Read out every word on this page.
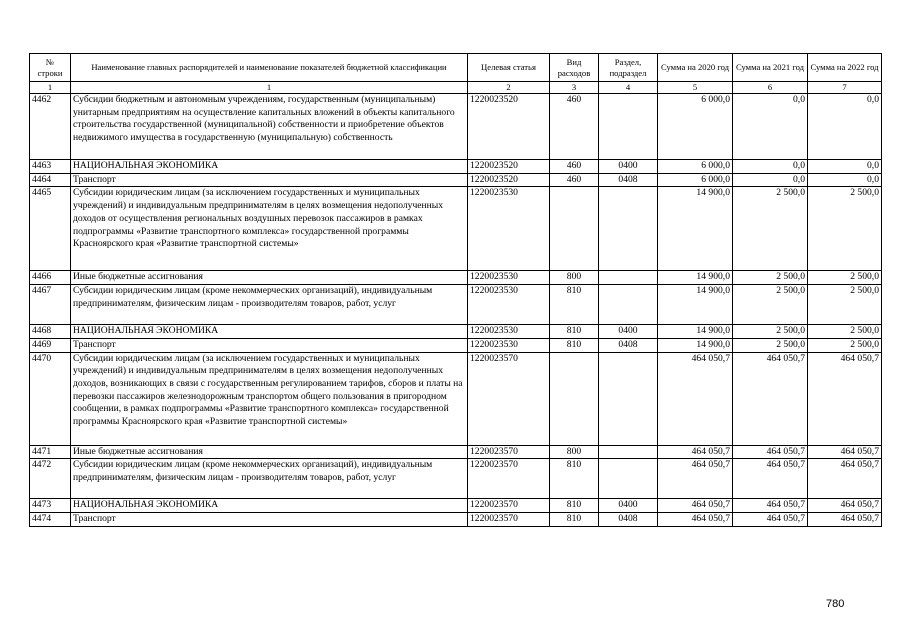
№
строки	Наименование главных распорядителей и наименование показателей бюджетной классификации	Целевая статья	Вид расходов	Раздел, подраздел	Сумма на 2020 год	Сумма на 2021 год	Сумма на 2022 год
1	1	2	3	4	5	6	7
4462	Субсидии бюджетным и автономным учреждениям, государственным (муниципальным) унитарным предприятиям на осуществление капитальных вложений в объекты капитального строительства государственной (муниципальной) собственности и приобретение объектов недвижимого имущества в государственную (муниципальную) собственность	1220023520	460		6 000,0	0,0	0,0
4463	НАЦИОНАЛЬНАЯ ЭКОНОМИКА	1220023520	460	0400	6 000,0	0,0	0,0
4464	Транспорт	1220023520	460	0408	6 000,0	0,0	0,0
4465	Субсидии юридическим лицам (за исключением государственных и муниципальных учреждений) и индивидуальным предпринимателям в целях возмещения недополученных доходов от осуществления региональных воздушных перевозок пассажиров в рамках подпрограммы «Развитие транспортного комплекса» государственной программы Красноярского края «Развитие транспортной системы»	1220023530			14 900,0	2 500,0	2 500,0
4466	Иные бюджетные ассигнования	1220023530	800		14 900,0	2 500,0	2 500,0
4467	Субсидии юридическим лицам (кроме некоммерческих организаций), индивидуальным предпринимателям, физическим лицам - производителям товаров, работ, услуг	1220023530	810		14 900,0	2 500,0	2 500,0
4468	НАЦИОНАЛЬНАЯ ЭКОНОМИКА	1220023530	810	0400	14 900,0	2 500,0	2 500,0
4469	Транспорт	1220023530	810	0408	14 900,0	2 500,0	2 500,0
4470	Субсидии юридическим лицам (за исключением государственных и муниципальных учреждений) и индивидуальным предпринимателям в целях возмещения недополученных доходов, возникающих в связи с государственным регулированием тарифов, сборов и платы на перевозки пассажиров железнодорожным транспортом общего пользования в пригородном сообщении, в рамках подпрограммы «Развитие транспортного комплекса» государственной программы Красноярского края «Развитие транспортной системы»	1220023570			464 050,7	464 050,7	464 050,7
4471	Иные бюджетные ассигнования	1220023570	800		464 050,7	464 050,7	464 050,7
4472	Субсидии юридическим лицам (кроме некоммерческих организаций), индивидуальным предпринимателям, физическим лицам - производителям товаров, работ, услуг	1220023570	810		464 050,7	464 050,7	464 050,7
4473	НАЦИОНАЛЬНАЯ ЭКОНОМИКА	1220023570	810	0400	464 050,7	464 050,7	464 050,7
4474	Транспорт	1220023570	810	0408	464 050,7	464 050,7	464 050,7
780
